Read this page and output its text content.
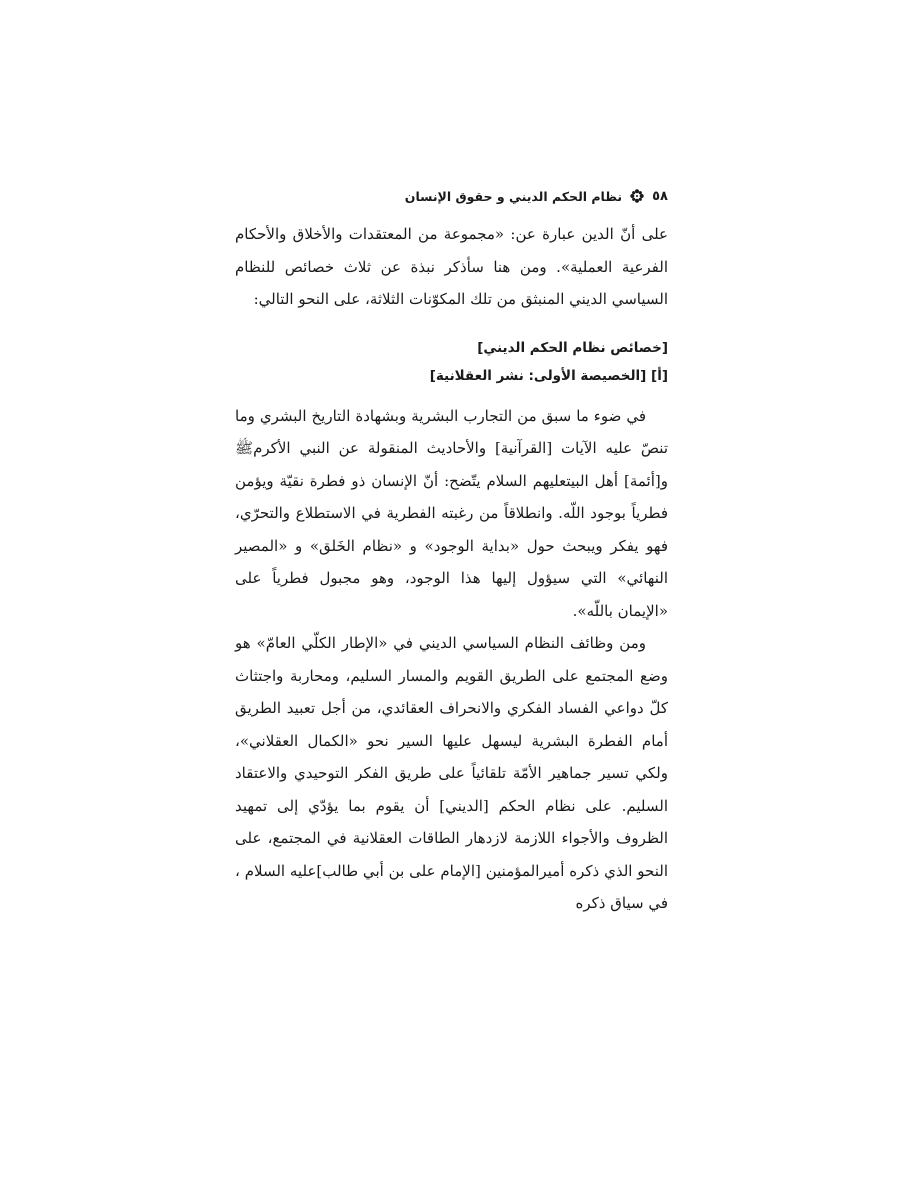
٥٨
نظام الحكم الديني و حقوق الإنسان

على أنّ الدين عبارة عن: «مجموعة من المعتقدات والأخلاق والأحكام الفرعية العملية». ومن هنا سأذكر نبذة عن ثلاث خصائص للنظام السياسي الديني المنبثق من تلك المكوّنات الثلاثة، على النحو التالي:

[خصائص نظام الحكم الديني]

[أ] [الخصيصة الأولى: نشر العقلانية]

في ضوء ما سبق من التجارب البشرية وبشهادة التاريخ البشري وما تنصّ عليه الآيات [القرآنية] والأحاديث المنقولة عن النبي الأكرمﷺ و[أئمة] أهل البيتعليهم السلام يتّضح: أنّ الإنسان ذو فطرة نقيّة ويؤمن فطرياً بوجود اللّه. وانطلاقاً من رغبته الفطرية في الاستطلاع والتحرّي، فهو يفكر ويبحث حول «بداية الوجود» و «نظام الخَلق» و «المصير النهائي» التي سيؤول إليها هذا الوجود، وهو مجبول فطرياً على «الإيمان باللّه».

ومن وظائف النظام السياسي الديني في «الإطار الكلّي العامّ» هو وضع المجتمع على الطريق القويم والمسار السليم، ومحاربة واجتثاث كلّ دواعي الفساد الفكري والانحراف العقائدي، من أجل تعبيد الطريق أمام الفطرة البشرية ليسهل عليها السير نحو «الكمال العقلاني»، ولكي تسير جماهير الأمّة تلقائياً على طريق الفكر التوحيدي والاعتقاد السليم. على نظام الحكم [الديني] أن يقوم بما يؤدّي إلى تمهيد الظروف والأجواء اللازمة لازدهار الطاقات العقلانية في المجتمع، على النحو الذي ذكره أميرالمؤمنين [الإمام على بن أبي طالب]عليه السلام ، في سياق ذكره
